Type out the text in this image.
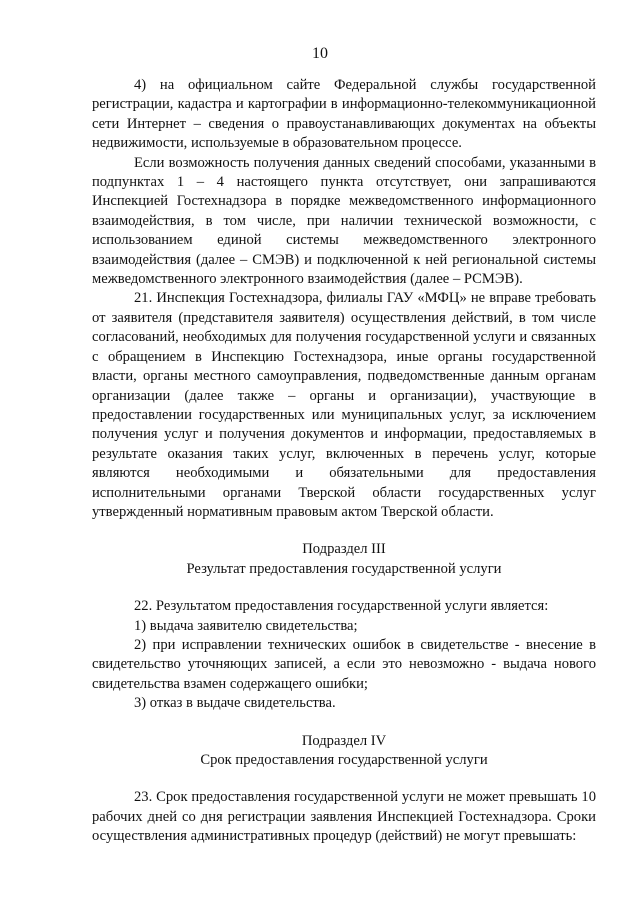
10

4) на официальном сайте Федеральной службы государственной регистрации, кадастра и картографии в информационно-телекоммуникационной сети Интернет – сведения о правоустанавливающих документах на объекты недвижимости, используемые в образовательном процессе.

Если возможность получения данных сведений способами, указанными в подпунктах 1 – 4 настоящего пункта отсутствует, они запрашиваются Инспекцией Гостехнадзора в порядке межведомственного информационного взаимодействия, в том числе, при наличии технической возможности, с использованием единой системы межведомственного электронного взаимодействия (далее – СМЭВ) и подключенной к ней региональной системы межведомственного электронного взаимодействия (далее – РСМЭВ).

21. Инспекция Гостехнадзора, филиалы ГАУ «МФЦ» не вправе требовать от заявителя (представителя заявителя) осуществления действий, в том числе согласований, необходимых для получения государственной услуги и связанных с обращением в Инспекцию Гостехнадзора, иные органы государственной власти, органы местного самоуправления, подведомственные данным органам организации (далее также – органы и организации), участвующие в предоставлении государственных или муниципальных услуг, за исключением получения услуг и получения документов и информации, предоставляемых в результате оказания таких услуг, включенных в перечень услуг, которые являются необходимыми и обязательными для предоставления исполнительными органами Тверской области государственных услуг утвержденный нормативным правовым актом Тверской области.

Подраздел III

Результат предоставления государственной услуги

22. Результатом предоставления государственной услуги является:

1) выдача заявителю свидетельства;

2) при исправлении технических ошибок в свидетельстве - внесение в свидетельство уточняющих записей, а если это невозможно - выдача нового свидетельства взамен содержащего ошибки;

3) отказ в выдаче свидетельства.

Подраздел IV

Срок предоставления государственной услуги

23. Срок предоставления государственной услуги не может превышать 10 рабочих дней со дня регистрации заявления Инспекцией Гостехнадзора. Сроки осуществления административных процедур (действий) не могут превышать:
